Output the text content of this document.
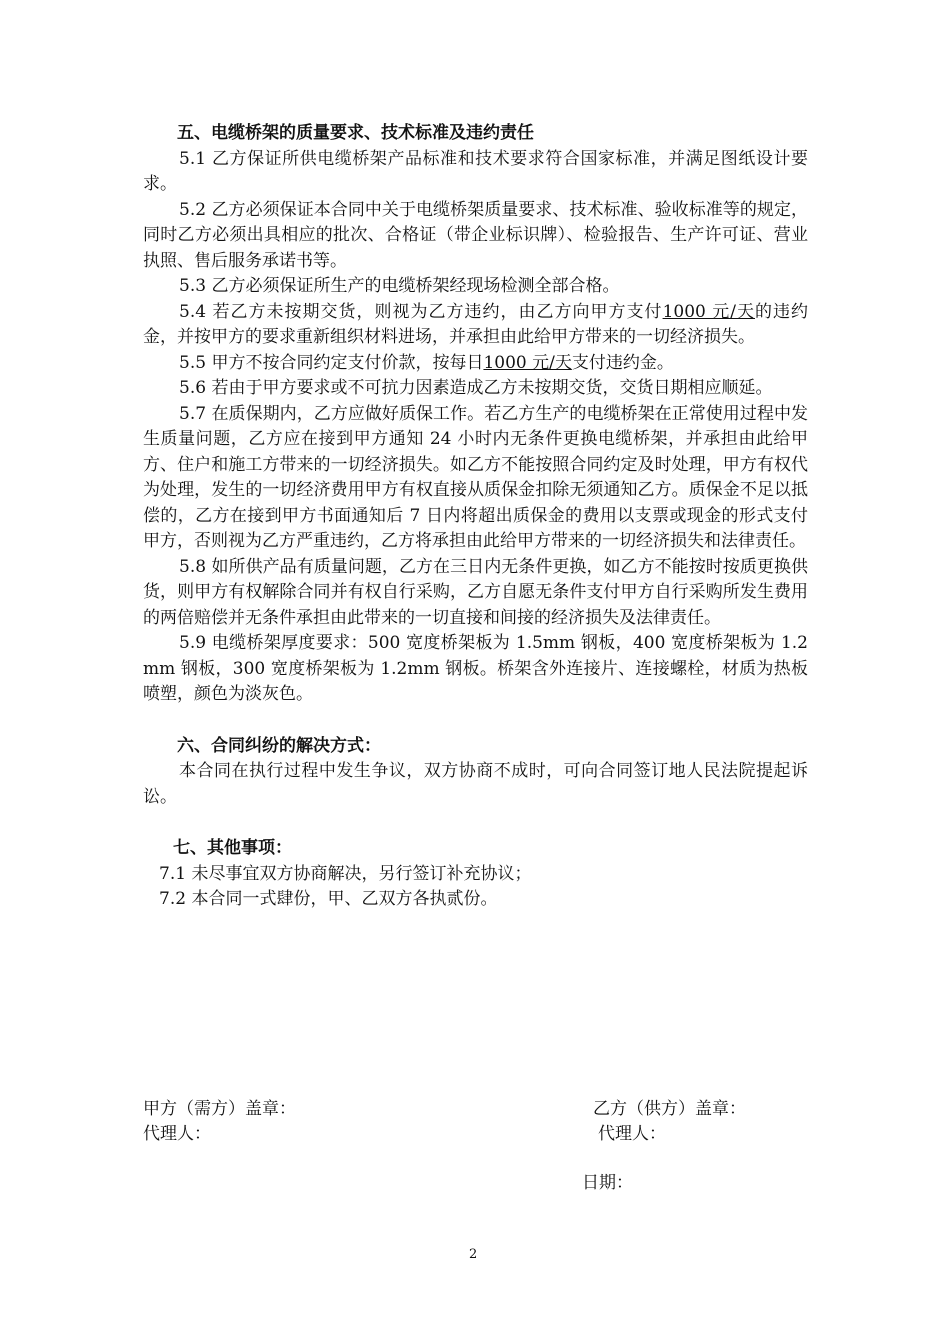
五、电缆桥架的质量要求、技术标准及违约责任
5.1 乙方保证所供电缆桥架产品标准和技术要求符合国家标准，并满足图纸设计要求。
5.2 乙方必须保证本合同中关于电缆桥架质量要求、技术标准、验收标准等的规定，同时乙方必须出具相应的批次、合格证（带企业标识牌）、检验报告、生产许可证、营业执照、售后服务承诺书等。
5.3 乙方必须保证所生产的电缆桥架经现场检测全部合格。
5.4 若乙方未按期交货，则视为乙方违约，由乙方向甲方支付1000 元/天的违约金，并按甲方的要求重新组织材料进场，并承担由此给甲方带来的一切经济损失。
5.5 甲方不按合同约定支付价款，按每日1000 元/天支付违约金。
5.6 若由于甲方要求或不可抗力因素造成乙方未按期交货，交货日期相应顺延。
5.7 在质保期内，乙方应做好质保工作。若乙方生产的电缆桥架在正常使用过程中发生质量问题，乙方应在接到甲方通知 24 小时内无条件更换电缆桥架，并承担由此给甲方、住户和施工方带来的一切经济损失。如乙方不能按照合同约定及时处理，甲方有权代为处理，发生的一切经济费用甲方有权直接从质保金扣除无须通知乙方。质保金不足以抵偿的，乙方在接到甲方书面通知后 7 日内将超出质保金的费用以支票或现金的形式支付甲方，否则视为乙方严重违约，乙方将承担由此给甲方带来的一切经济损失和法律责任。
5.8 如所供产品有质量问题，乙方在三日内无条件更换，如乙方不能按时按质更换供货，则甲方有权解除合同并有权自行采购，乙方自愿无条件支付甲方自行采购所发生费用的两倍赔偿并无条件承担由此带来的一切直接和间接的经济损失及法律责任。
5.9 电缆桥架厚度要求：500 宽度桥架板为 1.5mm 钢板，400 宽度桥架板为 1.2mm 钢板，300 宽度桥架板为 1.2mm 钢板。桥架含外连接片、连接螺栓，材质为热板喷塑，颜色为淡灰色。
六、合同纠纷的解决方式：
本合同在执行过程中发生争议，双方协商不成时，可向合同签订地人民法院提起诉讼。
七、其他事项：
7.1 未尽事宜双方协商解决，另行签订补充协议；
7.2 本合同一式肆份，甲、乙双方各执贰份。
甲方（需方）盖章：
代理人：
乙方（供方）盖章：
代理人：
日期：
2
